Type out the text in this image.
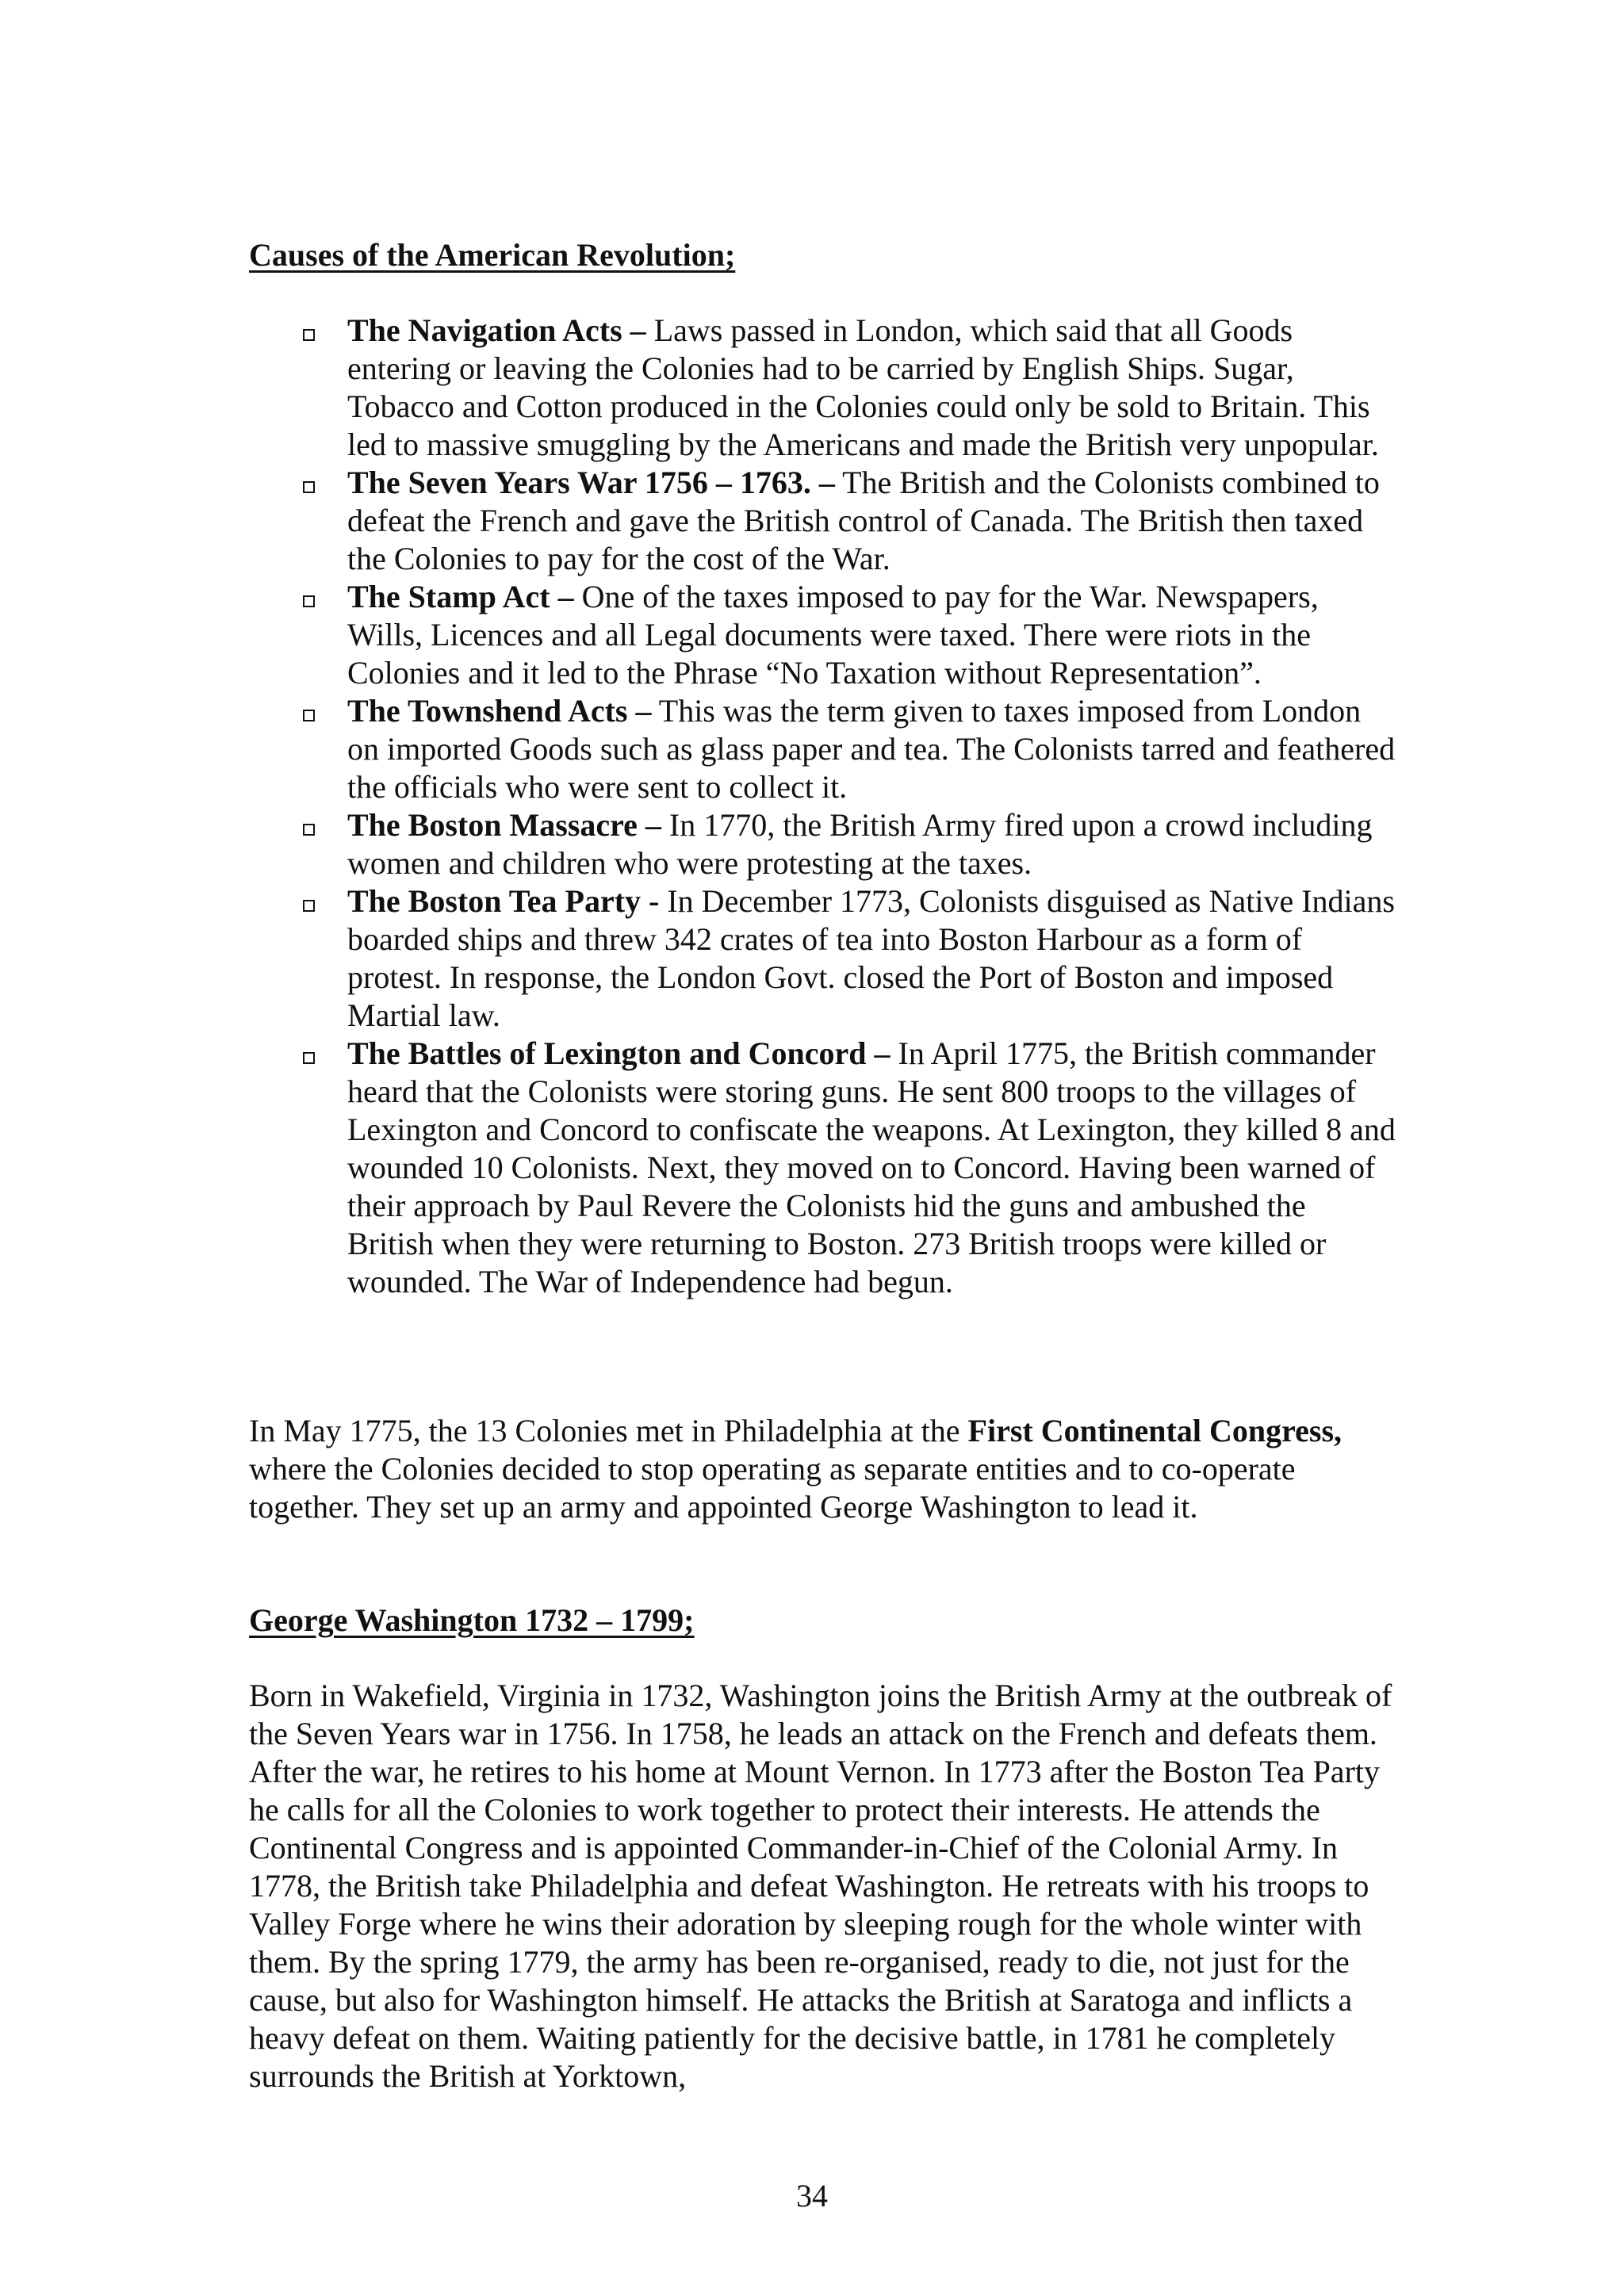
Causes of the American Revolution;
The Navigation Acts – Laws passed in London, which said that all Goods entering or leaving the Colonies had to be carried by English Ships. Sugar, Tobacco and Cotton produced in the Colonies could only be sold to Britain. This led to massive smuggling by the Americans and made the British very unpopular.
The Seven Years War 1756 – 1763. – The British and the Colonists combined to defeat the French and gave the British control of Canada. The British then taxed the Colonies to pay for the cost of the War.
The Stamp Act – One of the taxes imposed to pay for the War. Newspapers, Wills, Licences and all Legal documents were taxed. There were riots in the Colonies and it led to the Phrase “No Taxation without Representation”.
The Townshend Acts – This was the term given to taxes imposed from London on imported Goods such as glass paper and tea. The Colonists tarred and feathered the officials who were sent to collect it.
The Boston Massacre – In 1770, the British Army fired upon a crowd including women and children who were protesting at the taxes.
The Boston Tea Party - In December 1773, Colonists disguised as Native Indians boarded ships and threw 342 crates of tea into Boston Harbour as a form of protest. In response, the London Govt. closed the Port of Boston and imposed Martial law.
The Battles of Lexington and Concord – In April 1775, the British commander heard that the Colonists were storing guns. He sent 800 troops to the villages of Lexington and Concord to confiscate the weapons. At Lexington, they killed 8 and wounded 10 Colonists. Next, they moved on to Concord. Having been warned of their approach by Paul Revere the Colonists hid the guns and ambushed the British when they were returning to Boston. 273 British troops were killed or wounded. The War of Independence had begun.

In May 1775, the 13 Colonies met in Philadelphia at the First Continental Congress, where the Colonies decided to stop operating as separate entities and to co-operate together. They set up an army and appointed George Washington to lead it.

George Washington 1732 – 1799;

Born in Wakefield, Virginia in 1732, Washington joins the British Army at the outbreak of the Seven Years war in 1756. In 1758, he leads an attack on the French and defeats them. After the war, he retires to his home at Mount Vernon. In 1773 after the Boston Tea Party he calls for all the Colonies to work together to protect their interests. He attends the Continental Congress and is appointed Commander-in-Chief of the Colonial Army. In 1778, the British take Philadelphia and defeat Washington. He retreats with his troops to Valley Forge where he wins their adoration by sleeping rough for the whole winter with them. By the spring 1779, the army has been re-organised, ready to die, not just for the cause, but also for Washington himself. He attacks the British at Saratoga and inflicts a heavy defeat on them. Waiting patiently for the decisive battle, in 1781 he completely surrounds the British at Yorktown,

34
